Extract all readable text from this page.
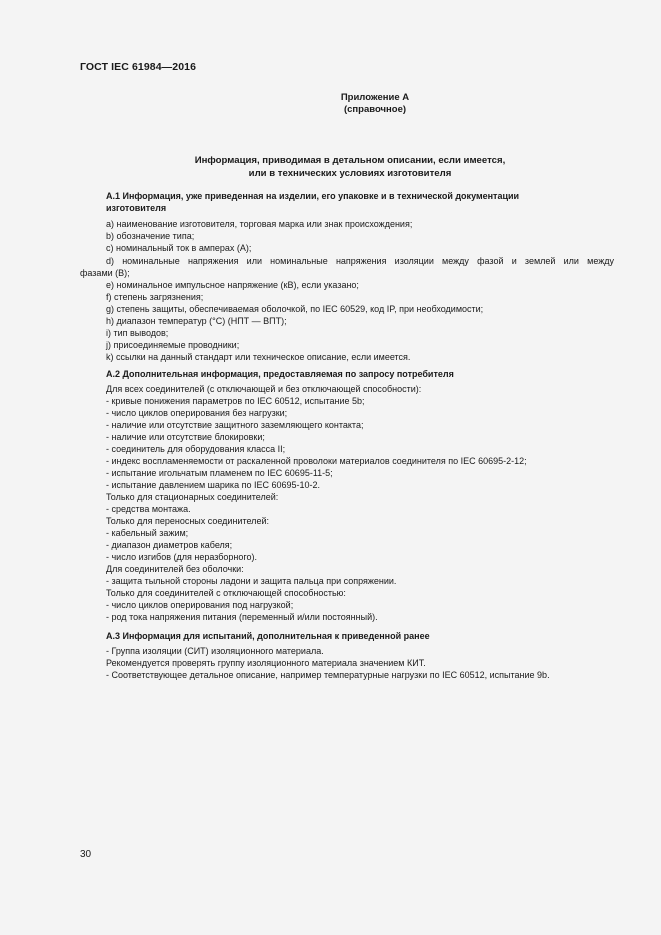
ГОСТ IEC 61984—2016
Приложение А
(справочное)
Информация, приводимая в детальном описании, если имеется,
или в технических условиях изготовителя
А.1 Информация, уже приведенная на изделии, его упаковке и в технической документации
изготовителя
а) наименование изготовителя, торговая марка или знак происхождения;
b) обозначение типа;
c) номинальный ток в амперах (А);
d) номинальные напряжения или номинальные напряжения изоляции между фазой и землей или между
фазами (В);
e) номинальное импульсное напряжение (кВ), если указано;
f) степень загрязнения;
g) степень защиты, обеспечиваемая оболочкой, по IEC 60529, код IP, при необходимости;
h) диапазон температур (°С) (НПТ — ВПТ);
i) тип выводов;
j) присоединяемые проводники;
k) ссылки на данный стандарт или техническое описание, если имеется.
А.2 Дополнительная информация, предоставляемая по запросу потребителя
Для всех соединителей (с отключающей и без отключающей способности):
- кривые понижения параметров по IEC 60512, испытание 5b;
- число циклов оперирования без нагрузки;
- наличие или отсутствие защитного заземляющего контакта;
- наличие или отсутствие блокировки;
- соединитель для оборудования класса II;
- индекс воспламеняемости от раскаленной проволоки материалов соединителя по IEC 60695-2-12;
- испытание игольчатым пламенем по IEC 60695-11-5;
- испытание давлением шарика по IEC 60695-10-2.
Только для стационарных соединителей:
- средства монтажа.
Только для переносных соединителей:
- кабельный зажим;
- диапазон диаметров кабеля;
- число изгибов (для неразборного).
Для соединителей без оболочки:
- защита тыльной стороны ладони и защита пальца при сопряжении.
Только для соединителей с отключающей способностью:
- число циклов оперирования под нагрузкой;
- род тока напряжения питания (переменный и/или постоянный).
А.3 Информация для испытаний, дополнительная к приведенной ранее
- Группа изоляции (СИТ) изоляционного материала.
Рекомендуется проверять группу изоляционного материала значением КИТ.
- Соответствующее детальное описание, например температурные нагрузки по IEC 60512, испытание 9b.
30
